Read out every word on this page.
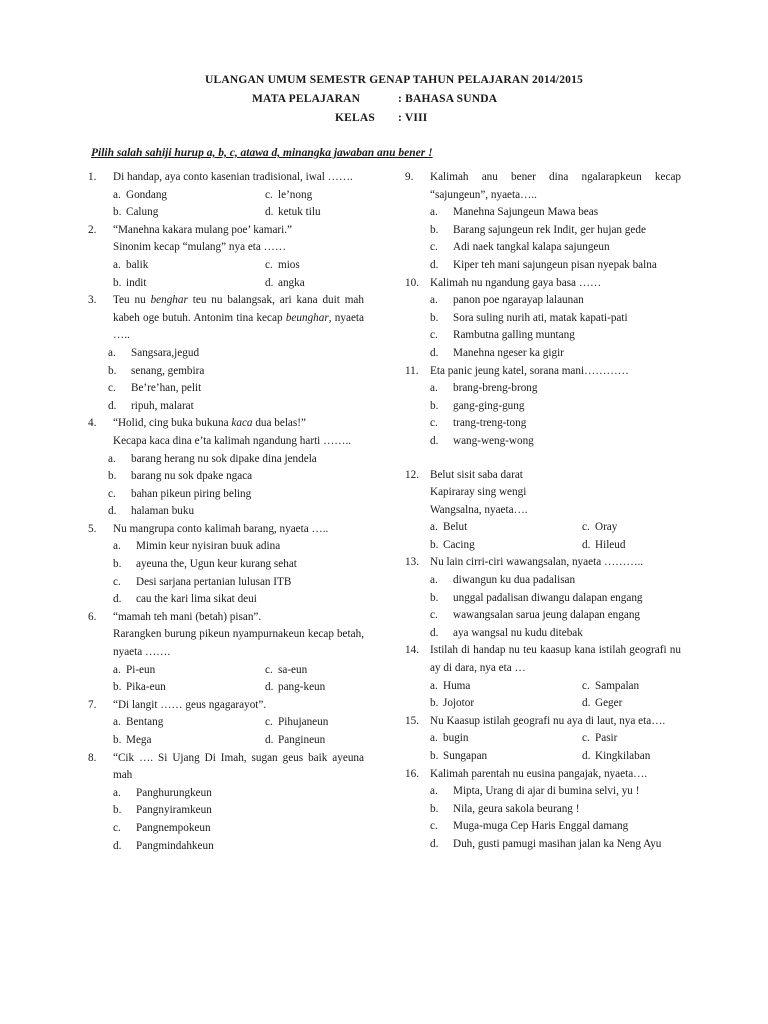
ULANGAN UMUM SEMESTR GENAP TAHUN PELAJARAN 2014/2015
MATA PELAJARAN	: BAHASA SUNDA
KELAS : VIII
Pilih salah sahiji hurup a, b, c, atawa d, minangka jawaban anu bener !
1. Di handap, aya conto kasenian tradisional, iwal …….
a. Gondang	c. le’nong
b. Calung	d. ketuk tilu
2. “Manehna kakara mulang poe’ kamari.”
Sinonim kecap “mulang” nya eta ……
a. balik	c. mios
b. indit	d. angka
3. Teu nu benghar teu nu balangsak, ari kana duit mah kabeh oge butuh. Antonim tina kecap beunghar, nyaeta …..
a. Sangsara,jegud
b. senang, gembira
c. Be’re’han, pelit
d. ripuh, malarat
4. “Holid, cing buka bukuna kaca dua belas!”
Kecapa kaca dina e’ta kalimah ngandung harti ……..
a. barang herang nu sok dipake dina jendela
b. barang nu sok dpake ngaca
c. bahan pikeun piring beling
d. halaman buku
5. Nu mangrupa conto kalimah barang, nyaeta …..
a. Mimin keur nyisiran buuk adina
b. ayeuna the, Ugun keur kurang sehat
c. Desi sarjana pertanian lulusan ITB
d. cau the kari lima sikat deui
6. “mamah teh mani (betah) pisan”.
Rarangken burung pikeun nyampurnakeun kecap betah, nyaeta …….
a. Pi-eun	c. sa-eun
b. Pika-eun	d. pang-keun
7. “Di langit …… geus ngagarayot”.
a. Bentang	c. Pihujaneun
b. Mega	d. Pangineun
8. “Cik …. Si Ujang Di Imah, sugan geus baik ayeuna mah
a. Panghurungkeun
b. Pangnyiramkeun
c. Pangnempokeun
d. Pangmindahkeun
9. Kalimah anu bener dina ngalarapkeun kecap “sajungeun”, nyaeta…..
a. Manehna Sajungeun Mawa beas
b. Barang sajungeun rek Indit, ger hujan gede
c. Adi naek tangkal kalapa sajungeun
d. Kiper teh mani sajungeun pisan nyepak balna
10. Kalimah nu ngandung gaya basa ……
a. panon poe ngarayap lalaunan
b. Sora suling nurih ati, matak kapati-pati
c. Rambutna galling muntang
d. Manehna ngeser ka gigir
11. Eta panic jeung katel, sorana mani…………
a. brang-breng-brong
b. gang-ging-gung
c. trang-treng-tong
d. wang-weng-wong
12. Belut sisit saba darat
Kapiraray sing wengi
Wangsalna, nyaeta….
a. Belut	c. Oray
b. Cacing	d. Hileud
13. Nu lain cirri-ciri wawangsalan, nyaeta ………..
a. diwangun ku dua padalisan
b. unggal padalisan diwangu dalapan engang
c. wawangsalan sarua jeung dalapan engang
d. aya wangsal nu kudu ditebak
14. Istilah di handap nu teu kaasup kana istilah geografi nu ay di dara, nya eta …
a. Huma	c. Sampalan
b. Jojotor	d. Geger
15. Nu Kaasup istilah geografi nu aya di laut, nya eta….
a. bugin	c. Pasir
b. Sungapan	d. Kingkilaban
16. Kalimah parentah nu eusina pangajak, nyaeta….
a. Mipta, Urang di ajar di bumina selvi, yu !
b. Nila, geura sakola beurang !
c. Muga-muga Cep Haris Enggal damang
d. Duh, gusti pamugi masihan jalan ka Neng Ayu
